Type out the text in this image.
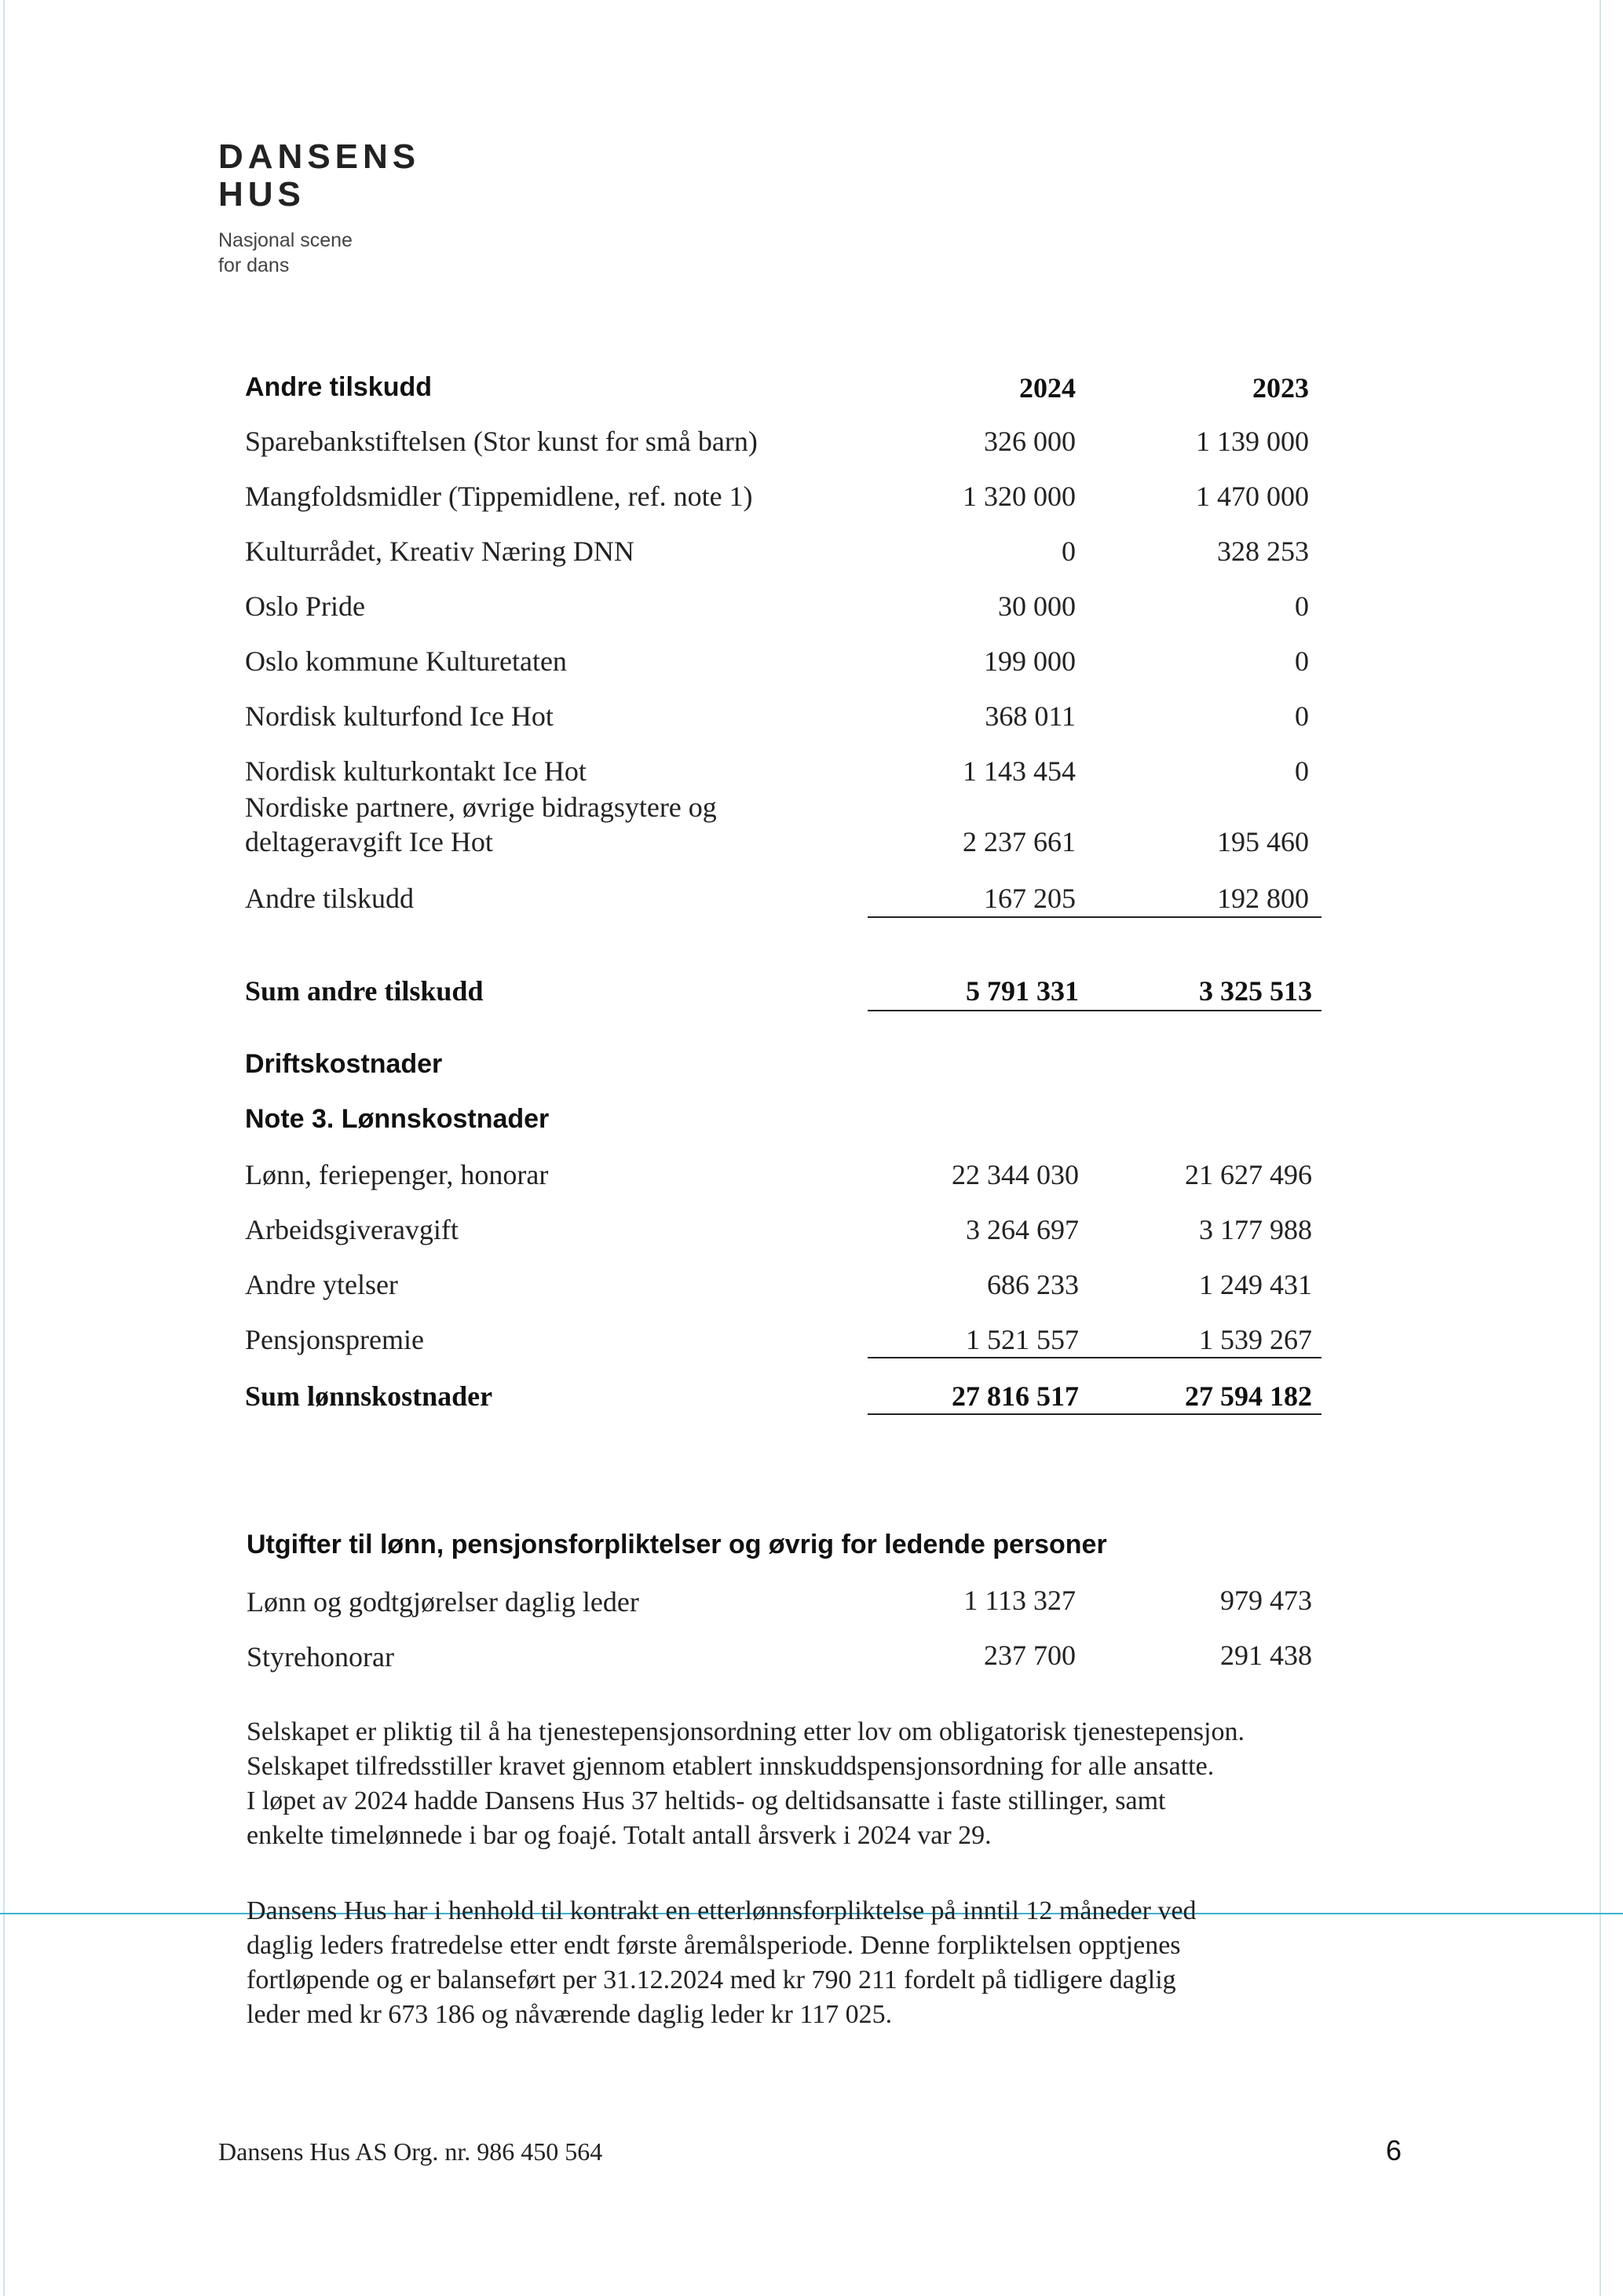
DANSENS
HUS
Nasjonal scene
for dans
Andre tilskudd	2024	2023
Sparebankstiftelsen (Stor kunst for små barn)	326 000	1 139 000
Mangfoldsmidler (Tippemidlene, ref. note 1)	1 320 000	1 470 000
Kulturrådet, Kreativ Næring DNN	0	328 253
Oslo Pride	30 000	0
Oslo kommune Kulturetaten	199 000	0
Nordisk kulturfond Ice Hot	368 011	0
Nordisk kulturkontakt Ice Hot	1 143 454	0
Nordiske partnere, øvrige bidragsytere og
deltageravgift Ice Hot	2 237 661	195 460
Andre tilskudd	167 205	192 800
Sum andre tilskudd	5 791 331	3 325 513
Driftskostnader
Note 3. Lønnskostnader
Lønn, feriepenger, honorar	22 344 030	21 627 496
Arbeidsgiveravgift	3 264 697	3 177 988
Andre ytelser	686 233	1 249 431
Pensjonspremie	1 521 557	1 539 267
Sum lønnskostnader	27 816 517	27 594 182
Utgifter til lønn, pensjonsforpliktelser og øvrig for ledende personer
Lønn og godtgjørelser daglig leder	1 113 327	979 473
Styrehonorar	237 700	291 438
Selskapet er pliktig til å ha tjenestepensjonsordning etter lov om obligatorisk tjenestepensjon.
Selskapet tilfredsstiller kravet gjennom etablert innskuddspensjonsordning for alle ansatte.
I løpet av 2024 hadde Dansens Hus 37 heltids- og deltidsansatte i faste stillinger, samt
enkelte timelønnede i bar og foajé. Totalt antall årsverk i 2024 var 29.
Dansens Hus har i henhold til kontrakt en etterlønnsforpliktelse på inntil 12 måneder ved
daglig leders fratredelse etter endt første åremålsperiode. Denne forpliktelsen opptjenes
fortløpende og er balanseført per 31.12.2024 med kr 790 211 fordelt på tidligere daglig
leder med kr 673 186 og nåværende daglig leder kr 117 025.
Dansens Hus AS Org. nr. 986 450 564	6
